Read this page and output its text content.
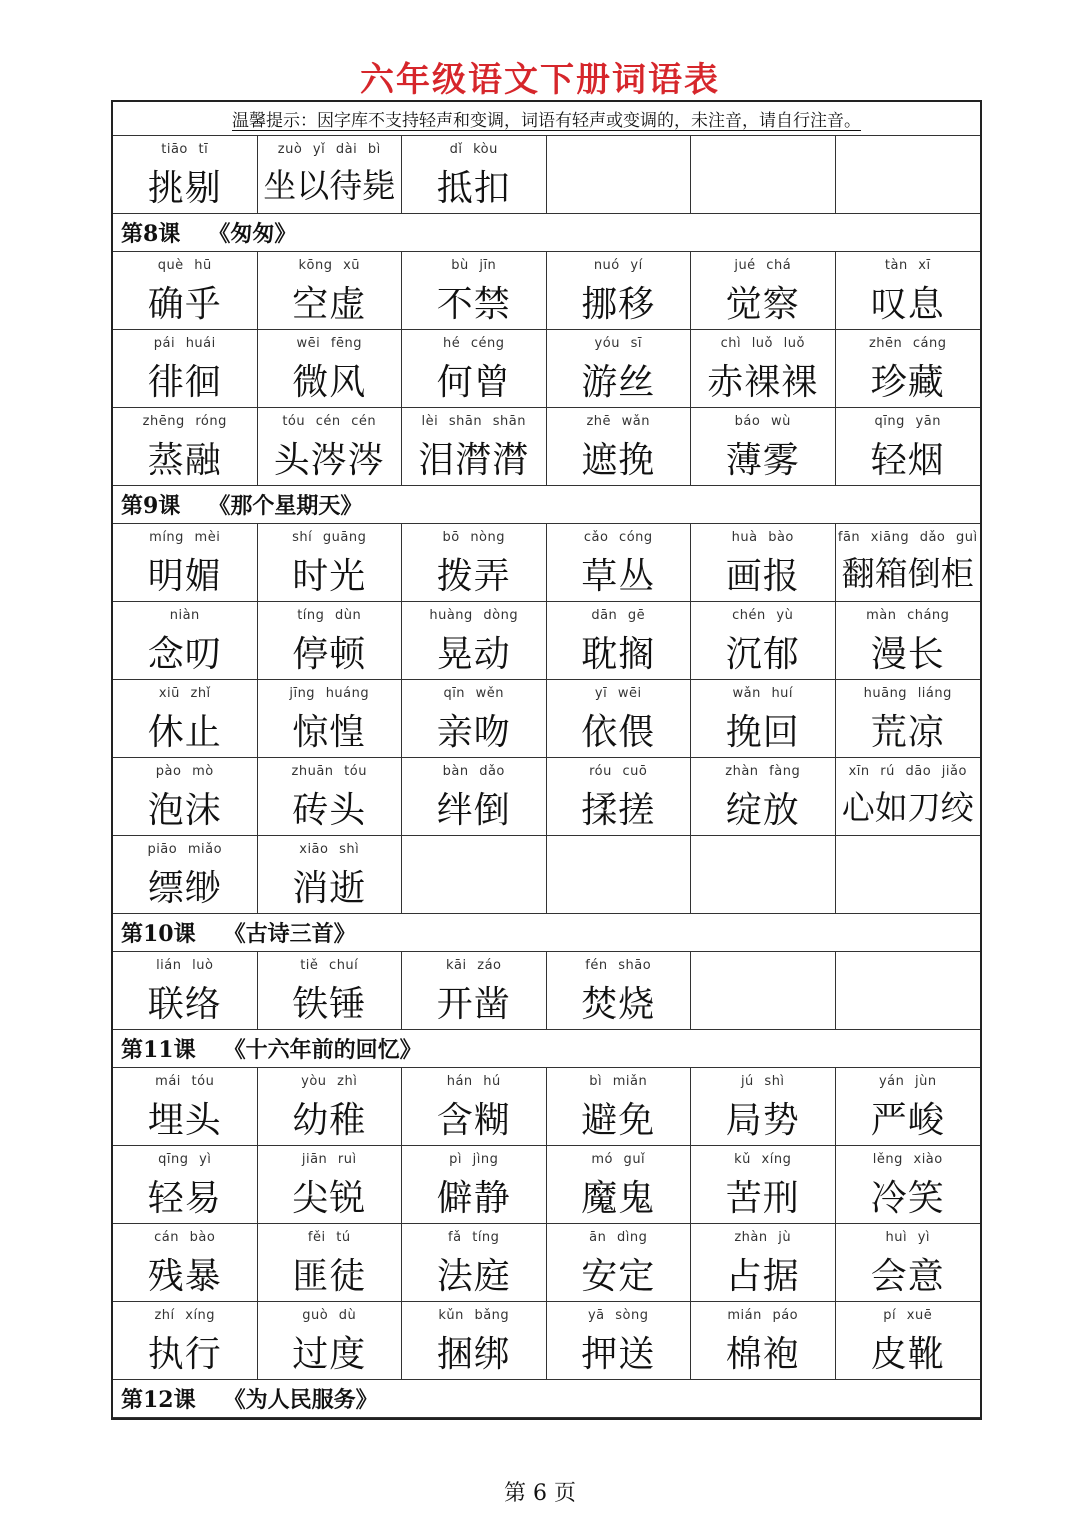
六年级语文下册词语表
温馨提示：因字库不支持轻声和变调，词语有轻声或变调的，未注音，请自行注音。
tiāo tī
挑剔
zuò yǐ dài bì
坐以待毙
dǐ kòu
抵扣
第8课 《匆匆》
què hū
确乎
kōng xū
空虚
bù jīn
不禁
nuó yí
挪移
jué chá
觉察
tàn xī
叹息
pái huái
徘徊
wēi fēng
微风
hé céng
何曾
yóu sī
游丝
chì luǒ luǒ
赤裸裸
zhēn cáng
珍藏
zhēng róng
蒸融
tóu cén cén
头涔涔
lèi shān shān
泪潸潸
zhē wǎn
遮挽
báo wù
薄雾
qīng yān
轻烟
第9课 《那个星期天》
míng mèi
明媚
shí guāng
时光
bō nòng
拨弄
cǎo cóng
草丛
huà bào
画报
fān xiāng dǎo guì
翻箱倒柜
niàn
念叨
tíng dùn
停顿
huàng dòng
晃动
dān gē
耽搁
chén yù
沉郁
màn cháng
漫长
xiū zhǐ
休止
jīng huáng
惊惶
qīn wěn
亲吻
yī wēi
依偎
wǎn huí
挽回
huāng liáng
荒凉
pào mò
泡沫
zhuān tóu
砖头
bàn dǎo
绊倒
róu cuō
揉搓
zhàn fàng
绽放
xīn rú dāo jiǎo
心如刀绞
piāo miǎo
缥缈
xiāo shì
消逝
第10课 《古诗三首》
lián luò
联络
tiě chuí
铁锤
kāi záo
开凿
fén shāo
焚烧
第11课 《十六年前的回忆》
mái tóu
埋头
yòu zhì
幼稚
hán hú
含糊
bì miǎn
避免
jú shì
局势
yán jùn
严峻
qīng yì
轻易
jiān ruì
尖锐
pì jìng
僻静
mó guǐ
魔鬼
kǔ xíng
苦刑
lěng xiào
冷笑
cán bào
残暴
fěi tú
匪徒
fǎ tíng
法庭
ān dìng
安定
zhàn jù
占据
huì yì
会意
zhí xíng
执行
guò dù
过度
kǔn bǎng
捆绑
yā sòng
押送
mián páo
棉袍
pí xuē
皮靴
第12课 《为人民服务》
第 6 页
